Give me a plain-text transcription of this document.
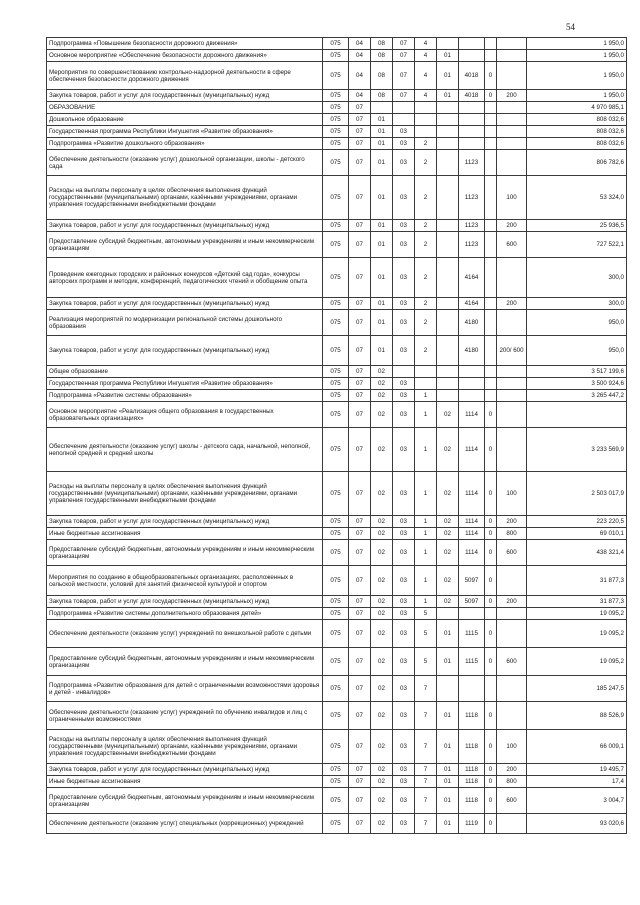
54
Подпрограмма «Повышение безопасности дорожного движения»	075	04	08	07	4					1 950,0
Основное мероприятие «Обеспечение безопасности дорожного движения»	075	04	08	07	4	01				1 950,0
Мероприятия по совершенствованию контрольно-надзорной деятельности в сфере обеспечения безопасности дорожного движения	075	04	08	07	4	01	4018	0		1 950,0
Закупка товаров, работ и услуг для государственных (муниципальных) нужд	075	04	08	07	4	01	4018	0	200	1 950,0
ОБРАЗОВАНИЕ	075	07								4 970 985,1
Дошкольное образование	075	07	01							808 032,6
Государственная программа Республики Ингушетия «Развитие образования»	075	07	01	03						808 032,6
Подпрограмма «Развитие дошкольного образования»	075	07	01	03	2					808 032,6
Обеспечение деятельности (оказание услуг) дошкольной организации, школы - детского сада	075	07	01	03	2		1123			806 782,6
Расходы на выплаты персоналу в целях обеспечения выполнения функций государственными (муниципальными) органами, казёнными учреждениями, органами управления государственными внебюджетными фондами	075	07	01	03	2		1123		100	53 324,0
Закупка товаров, работ и услуг для государственных (муниципальных) нужд	075	07	01	03	2		1123		200	25 936,5
Предоставление субсидий бюджетным, автономным учреждениям и иным некоммерческим организациям	075	07	01	03	2		1123		600	727 522,1
Проведение ежегодных городских и районных конкурсов «Детский сад года», конкурсы авторских программ и методик, конференций, педагогических чтений и обобщение опыта	075	07	01	03	2		4164			300,0
Закупка товаров, работ и услуг для государственных (муниципальных) нужд	075	07	01	03	2		4164		200	300,0
Реализация мероприятий по модернизации региональной системы дошкольного образования	075	07	01	03	2		4180			950,0
Закупка товаров, работ и услуг для государственных (муниципальных) нужд	075	07	01	03	2		4180		200/ 600	950,0
Общее образование	075	07	02							3 517 199,6
Государственная программа Республики Ингушетия «Развитие образования»	075	07	02	03						3 500 924,6
Подпрограмма «Развитие системы образования»	075	07	02	03	1					3 265 447,2
Основное мероприятие «Реализация общего образования в государственных образовательных организациях»	075	07	02	03	1	02	1114	0		
Обеспечение деятельности (оказание услуг) школы - детского сада, начальной, неполной, неполной средней и средней школы	075	07	02	03	1	02	1114	0		3 233 569,9
Расходы на выплаты персоналу в целях обеспечения выполнения функций государственными (муниципальными) органами, казёнными учреждениями, органами управления государственными внебюджетными фондами	075	07	02	03	1	02	1114	0	100	2 503 017,9
Закупка товаров, работ и услуг для государственных (муниципальных) нужд	075	07	02	03	1	02	1114	0	200	223 220,5
Иные бюджетные ассигнования	075	07	02	03	1	02	1114	0	800	69 010,1
Предоставление субсидий бюджетным, автономным учреждениям и иным некоммерческим организациям	075	07	02	03	1	02	1114	0	600	438 321,4
Мероприятия по созданию в общеобразовательных организациях, расположенных в сельской местности, условий для занятий физической культурой и спортом	075	07	02	03	1	02	5097	0		31 877,3
Закупка товаров, работ и услуг для государственных (муниципальных) нужд	075	07	02	03	1	02	5097	0	200	31 877,3
Подпрограмма «Развитие системы дополнительного образования детей»	075	07	02	03	5					19 095,2
Обеспечение деятельности (оказание услуг) учреждений по внешкольной работе с детьми	075	07	02	03	5	01	1115	0		19 095,2
Предоставление субсидий бюджетным, автономным учреждениям и иным некоммерческим организациям	075	07	02	03	5	01	1115	0	600	19 095,2
Подпрограмма «Развитие образования для детей с ограниченными возможностями здоровья и детей - инвалидов»	075	07	02	03	7					185 247,5
Обеспечение деятельности (оказание услуг) учреждений по обучению инвалидов и лиц с ограниченными возможностями	075	07	02	03	7	01	1118	0		88 526,9
Расходы на выплаты персоналу в целях обеспечения выполнения функций государственными (муниципальными) органами, казёнными учреждениями, органами управления государственными внебюджетными фондами	075	07	02	03	7	01	1118	0	100	66 009,1
Закупка товаров, работ и услуг для государственных (муниципальных) нужд	075	07	02	03	7	01	1118	0	200	19 495,7
Иные бюджетные ассигнования	075	07	02	03	7	01	1118	0	800	17,4
Предоставление субсидий бюджетным, автономным учреждениям и иным некоммерческим организациям	075	07	02	03	7	01	1118	0	600	3 004,7
Обеспечение деятельности (оказание услуг) специальных (коррекционных) учреждений	075	07	02	03	7	01	1119	0		93 020,6
